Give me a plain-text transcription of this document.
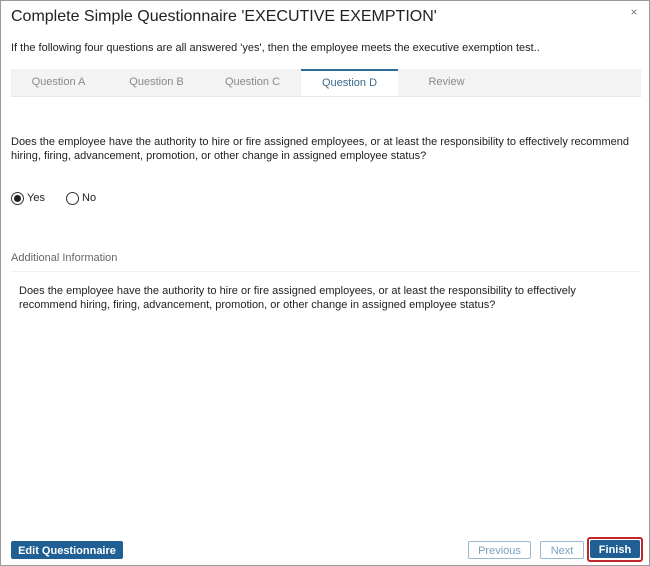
Complete Simple Questionnaire 'EXECUTIVE EXEMPTION'	×
If the following four questions are all answered 'yes', then the employee meets the executive exemption test..
Question A	Question B	Question C	Question D	Review
Does the employee have the authority to hire or fire assigned employees, or at least the responsibility to effectively recommend hiring, firing, advancement, promotion, or other change in assigned employee status?
Yes	No
Additional Information
Does the employee have the authority to hire or fire assigned employees, or at least the responsibility to effectively recommend hiring, firing, advancement, promotion, or other change in assigned employee status?
Edit Questionnaire	Previous	Next	Finish
